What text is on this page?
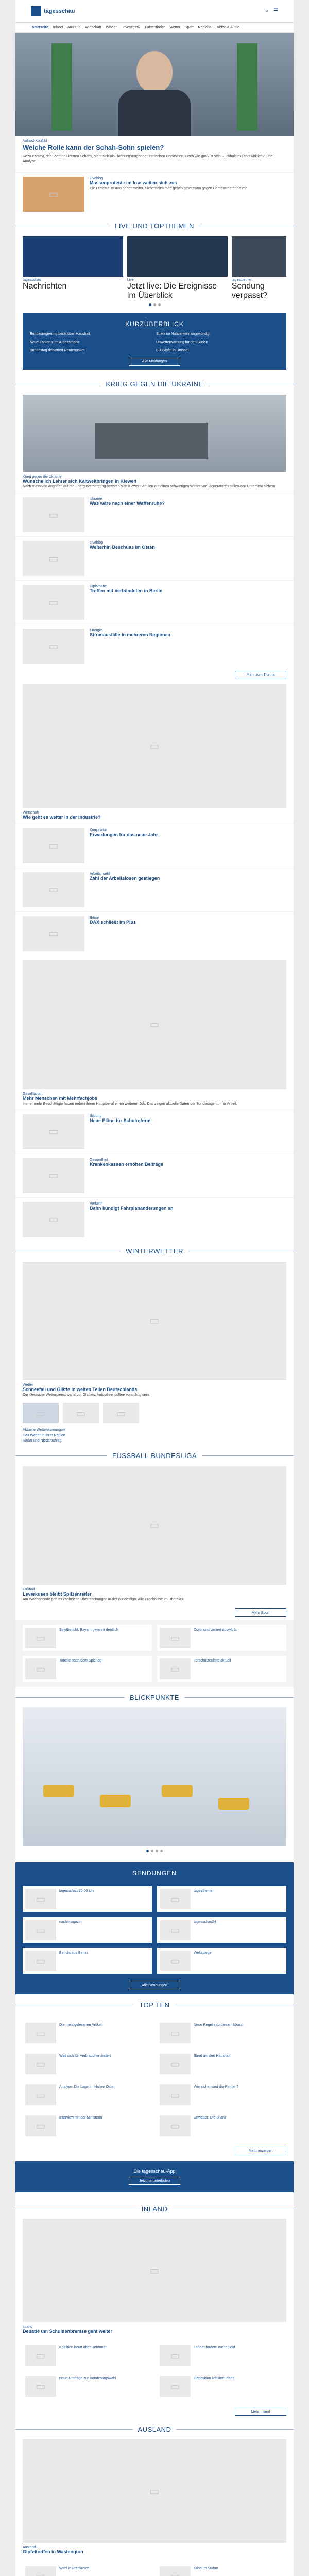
tagesschau	⌕ ☰
Startseite Inland Ausland Wirtschaft Wissen Investigativ Faktenfinder Wetter Sport Regional Video & Audio
Nahost-Konflikt
Welche Rolle kann der Schah-Sohn spielen?
Reza Pahlavi, der Sohn des letzten Schahs, sieht sich als Hoffnungsträger der iranischen Opposition. Doch wie groß ist sein Rückhalt im Land wirklich? Eine Analyse.
▭
Liveblog
Massenproteste im Iran weiten sich aus
Die Proteste im Iran gehen weiter. Sicherheitskräfte gehen gewaltsam gegen Demonstrierende vor.
LIVE UND TOPTHEMEN
tagesschau
Nachrichten
Live
Jetzt live: Die Ereignisse im Überblick
tagesthemen
Sendung verpasst?
KURZÜBERBLICK
Bundesregierung berät über Haushalt	Streik im Nahverkehr angekündigt
Neue Zahlen zum Arbeitsmarkt	Unwetterwarnung für den Süden
Bundestag debattiert Rentenpaket	EU-Gipfel in Brüssel
Alle Meldungen
KRIEG GEGEN DIE UKRAINE
Krieg gegen die Ukraine
Wünsche ich Lehrer sich Kaltweitbringen in Kiewen
Nach massiven Angriffen auf die Energieversorgung bereiten sich Kiewer Schulen auf einen schwierigen Winter vor. Generatoren sollen den Unterricht sichern.
▭
Ukraine
Was wäre nach einer Waffenruhe?
▭
Liveblog
Weiterhin Beschuss im Osten
▭
Diplomatie
Treffen mit Verbündeten in Berlin
▭
Energie
Stromausfälle in mehreren Regionen
Mehr zum Thema
▭
Wirtschaft
Wie geht es weiter in der Industrie?
▭
Konjunktur
Erwartungen für das neue Jahr
▭
Arbeitsmarkt
Zahl der Arbeitslosen gestiegen
▭
Börse
DAX schließt im Plus
▭
Gesellschaft
Mehr Menschen mit Mehrfachjobs
Immer mehr Beschäftigte haben neben ihrem Hauptberuf einen weiteren Job. Das zeigen aktuelle Daten der Bundesagentur für Arbeit.
▭
Bildung
Neue Pläne für Schulreform
▭
Gesundheit
Krankenkassen erhöhen Beiträge
▭
Verkehr
Bahn kündigt Fahrplanänderungen an
WINTERWETTER
▭
Wetter
Schneefall und Glätte in weiten Teilen Deutschlands
Der Deutsche Wetterdienst warnt vor Glatteis. Autofahrer sollten vorsichtig sein.
▭
▭
▭
Aktuelle Wetterwarnungen
Das Wetter in Ihrer Region
Radar und Niederschlag
FUSSBALL-BUNDESLIGA
▭
Fußball
Leverkusen bleibt Spitzenreiter
Am Wochenende gab es zahlreiche Überraschungen in der Bundesliga. Alle Ergebnisse im Überblick.
Mehr Sport
▭
Spielbericht: Bayern gewinnt deutlich ▭	Dortmund verliert auswärts
▭
Tabelle nach dem Spieltag ▭	Torschützenliste aktuell
BLICKPUNKTE
SENDUNGEN
▭
tagesschau 20:00 Uhr ▭	tagesthemen
▭
nachtmagazin ▭	tagesschau24
▭
Bericht aus Berlin ▭	Weltspiegel
Alle Sendungen
TOP TEN
▭
Die meistgelesenen Artikel ▭	Neue Regeln ab diesem Monat
▭
Was sich für Verbraucher ändert ▭	Streit um den Haushalt
▭
Analyse: Die Lage im Nahen Osten ▭	Wie sicher sind die Renten?
▭
Interview mit der Ministerin ▭	Unwetter: Die Bilanz
Mehr anzeigen
Die tagesschau-App
Jetzt herunterladen
INLAND
▭
Inland
Debatte um Schuldenbremse geht weiter
▭
Koalition berät über Reformen ▭	Länder fordern mehr Geld
▭
Neue Umfrage zur Bundestagswahl ▭	Opposition kritisiert Pläne
Mehr Inland
AUSLAND
▭
Ausland
Gipfeltreffen in Washington
▭
Wahl in Frankreich ▭	Krise im Sudan
